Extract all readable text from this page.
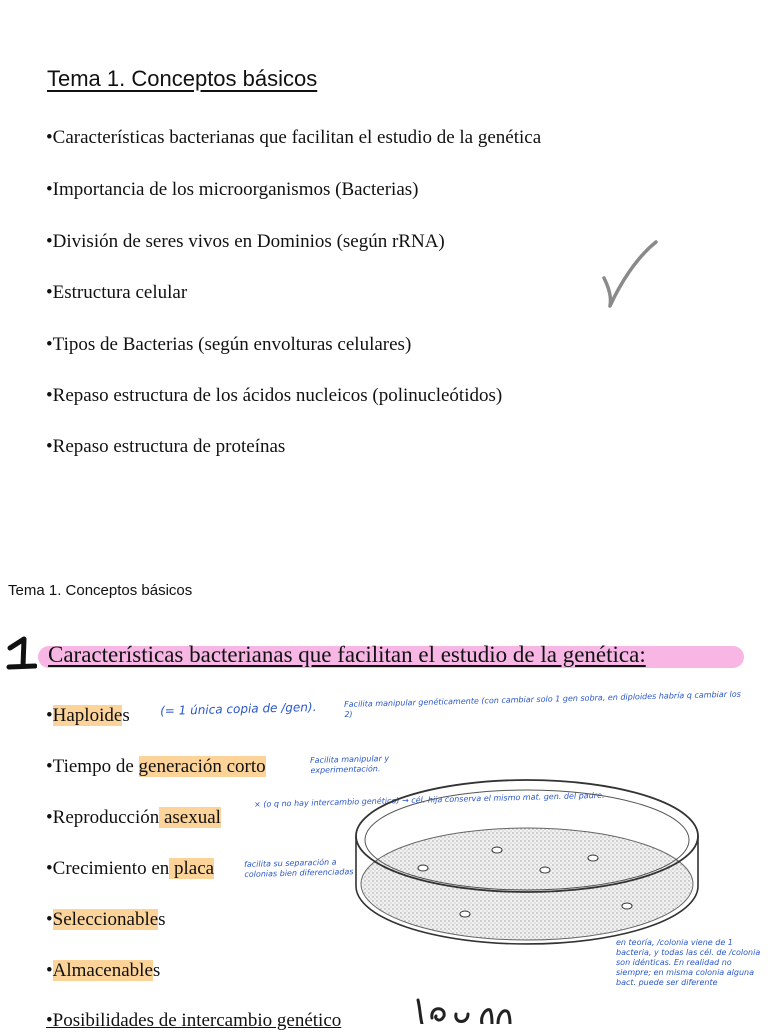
Tema 1. Conceptos básicos
•Características bacterianas que facilitan el estudio de la genética
•Importancia de los microorganismos (Bacterias)
•División de seres vivos en Dominios (según rRNA)
•Estructura celular
•Tipos de Bacterias (según envolturas celulares)
•Repaso estructura de los ácidos nucleicos (polinucleótidos)
•Repaso estructura de proteínas
Tema 1. Conceptos básicos
Características bacterianas que facilitan el estudio de la genética:
•Haploides
•Tiempo de generación corto
•Reproducción asexual
•Crecimiento en placa
•Seleccionables
•Almacenables
•Posibilidades de intercambio genético
(= 1 única copia de /gen).	Facilita manipular genéticamente (con cambiar solo 1 gen sobra, en diploides habría q cambiar los 2)
Facilita manipular y experimentación.
× (o q no hay intercambio genético) → cél. hija conserva el mismo mat. gen. del padre.
facilita su separación a colonias bien diferenciadas
en teoría, /colonia viene de 1 bacteria, y todas las cél. de /colonia son idénticas. En realidad no siempre; en misma colonia alguna bact. puede ser diferente
